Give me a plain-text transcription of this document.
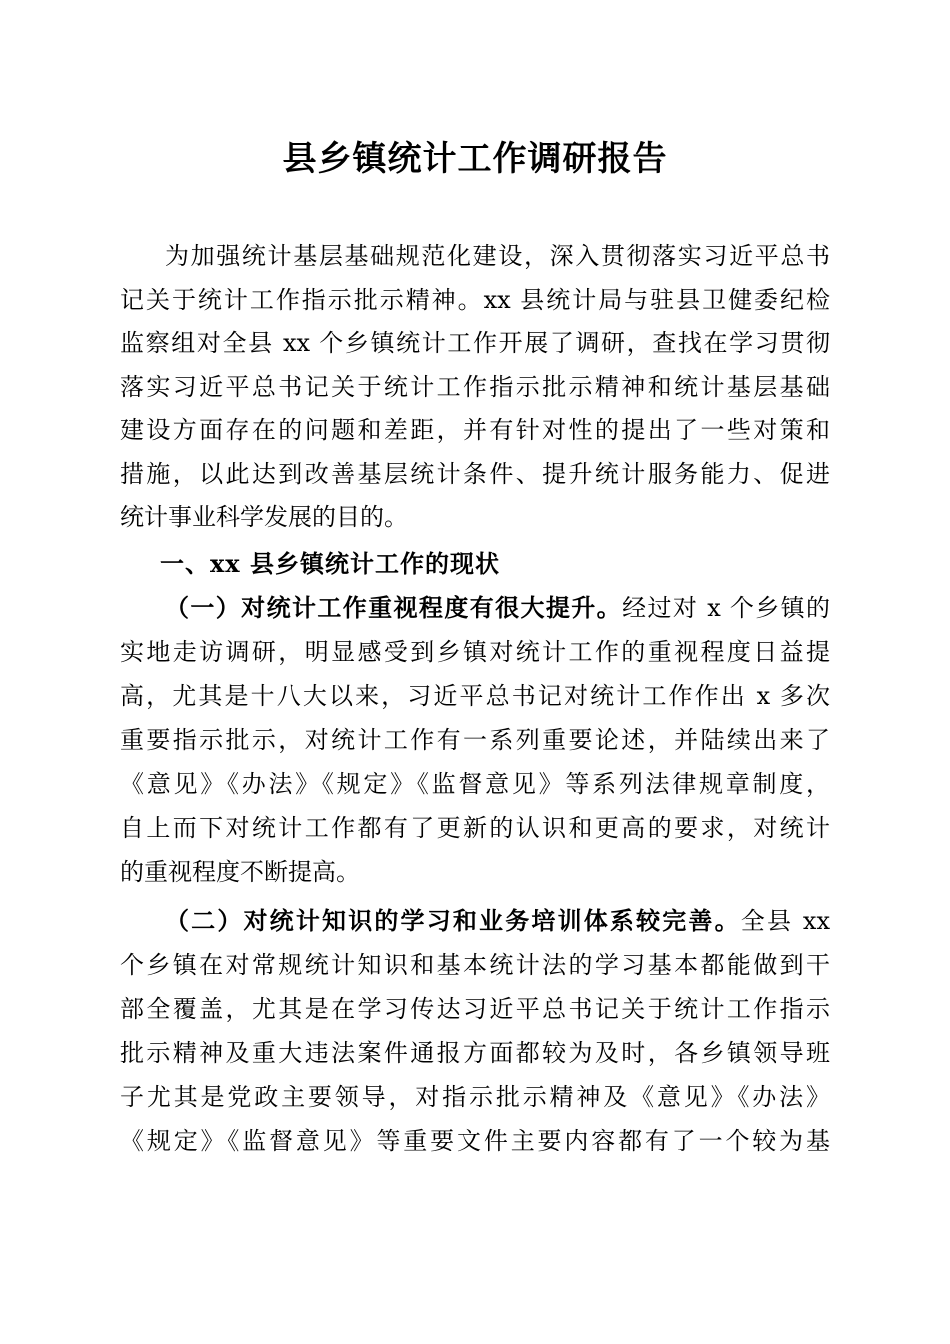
县乡镇统计工作调研报告
为加强统计基层基础规范化建设，深入贯彻落实习近平总书
记关于统计工作指示批示精神。xx 县统计局与驻县卫健委纪检
监察组对全县 xx 个乡镇统计工作开展了调研，查找在学习贯彻
落实习近平总书记关于统计工作指示批示精神和统计基层基础
建设方面存在的问题和差距，并有针对性的提出了一些对策和
措施，以此达到改善基层统计条件、提升统计服务能力、促进
统计事业科学发展的目的。
一、xx 县乡镇统计工作的现状
（一）对统计工作重视程度有很大提升。经过对 x 个乡镇的
实地走访调研，明显感受到乡镇对统计工作的重视程度日益提
高，尤其是十八大以来，习近平总书记对统计工作作出 x 多次
重要指示批示，对统计工作有一系列重要论述，并陆续出来了
《意见》《办法》《规定》《监督意见》等系列法律规章制度，
自上而下对统计工作都有了更新的认识和更高的要求，对统计
的重视程度不断提高。
（二）对统计知识的学习和业务培训体系较完善。全县 xx
个乡镇在对常规统计知识和基本统计法的学习基本都能做到干
部全覆盖，尤其是在学习传达习近平总书记关于统计工作指示
批示精神及重大违法案件通报方面都较为及时，各乡镇领导班
子尤其是党政主要领导，对指示批示精神及《意见》《办法》
《规定》《监督意见》等重要文件主要内容都有了一个较为基
